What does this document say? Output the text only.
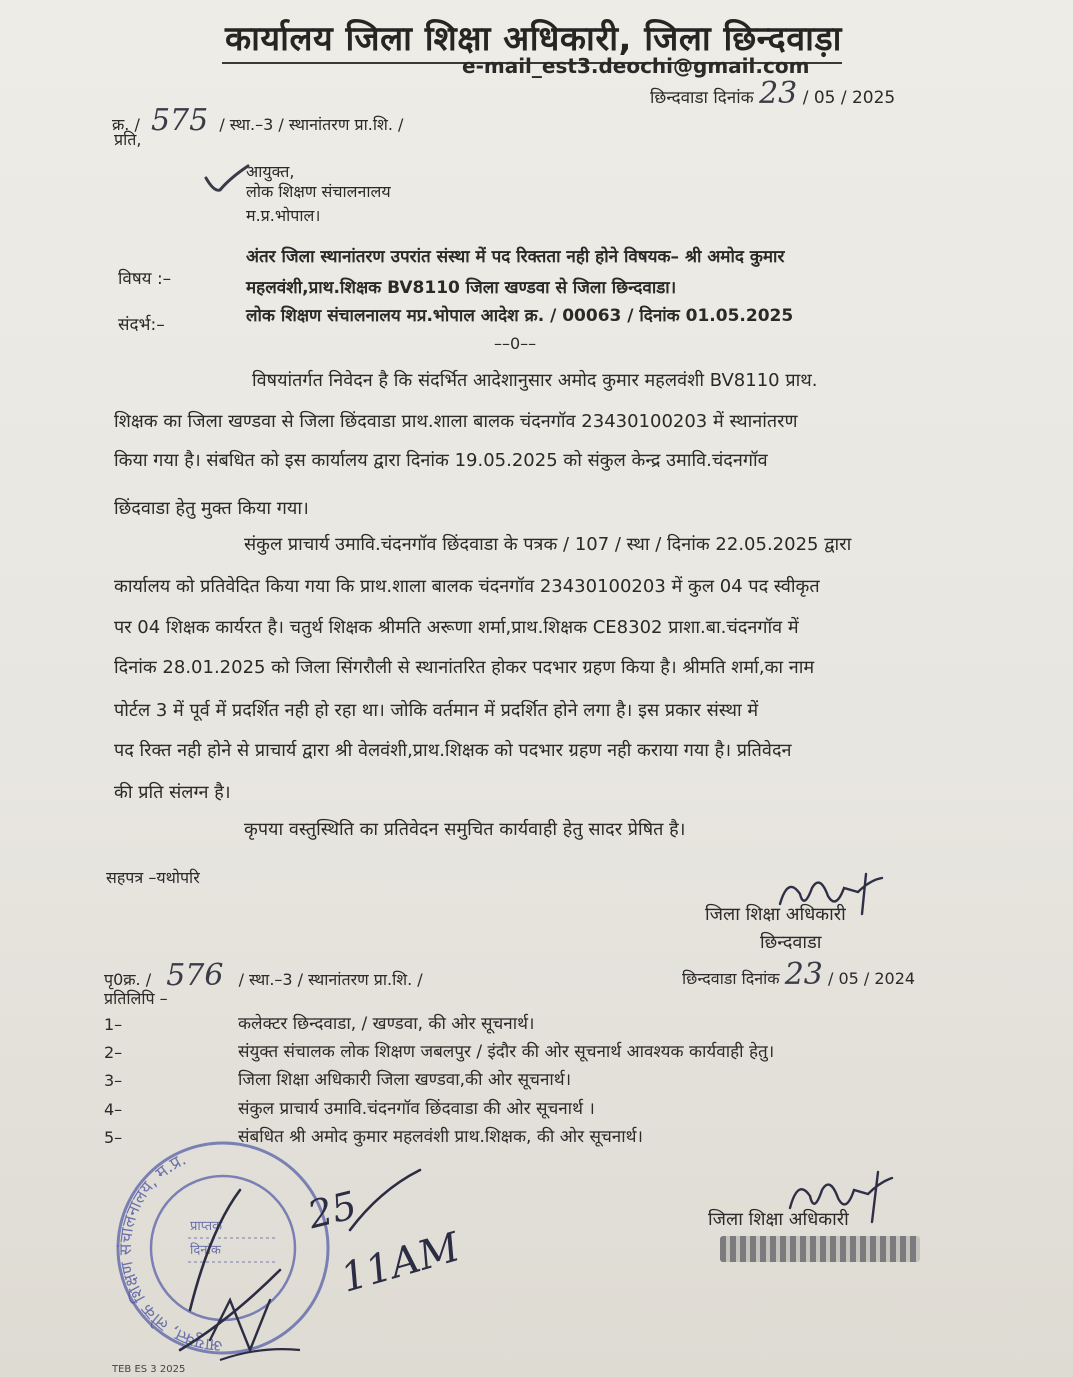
कार्यालय जिला शिक्षा अधिकारी, जिला छिन्दवाड़ा
e-mail_est3.deochi@gmail.com
छिन्दवाडा दिनांक 23 / 05 / 2025
क्र. / 575 / स्था.–3 / स्थानांतरण प्रा.शि. /
प्रति,
आयुक्त,
लोक शिक्षण संचालनालय
म.प्र.भोपाल।
विषय :–
अंतर जिला स्थानांतरण उपरांत संस्था में पद रिक्तता नही होने विषयक– श्री अमोद कुमार
महलवंशी,प्राथ.शिक्षक BV8110 जिला खण्डवा से जिला छिन्दवाडा।
संदर्भ:–	लोक शिक्षण संचालनालय मप्र.भोपाल आदेश क्र. / 00063 / दिनांक 01.05.2025
––0––
विषयांतर्गत निवेदन है कि संदर्भित आदेशानुसार अमोद कुमार महलवंशी BV8110 प्राथ.
शिक्षक का जिला खण्डवा से जिला छिंदवाडा प्राथ.शाला बालक चंदनगॉव 23430100203 में स्थानांतरण
किया गया है। संबधित को इस कार्यालय द्वारा दिनांक 19.05.2025 को संकुल केन्द्र उमावि.चंदनगॉव
छिंदवाडा हेतु मुक्त किया गया।
संकुल प्राचार्य उमावि.चंदनगॉव छिंदवाडा के पत्रक / 107 / स्था / दिनांक 22.05.2025 द्वारा
कार्यालय को प्रतिवेदित किया गया कि प्राथ.शाला बालक चंदनगॉव 23430100203 में कुल 04 पद स्वीकृत
पर 04 शिक्षक कार्यरत है। चतुर्थ शिक्षक श्रीमति अरूणा शर्मा,प्राथ.शिक्षक CE8302 प्राशा.बा.चंदनगॉव में
दिनांक 28.01.2025 को जिला सिंगरौली से स्थानांतरित होकर पदभार ग्रहण किया है। श्रीमति शर्मा,का नाम
पोर्टल 3 में पूर्व में प्रदर्शित नही हो रहा था। जोकि वर्तमान में प्रदर्शित होने लगा है। इस प्रकार संस्था में
पद रिक्त नही होने से प्राचार्य द्वारा श्री वेलवंशी,प्राथ.शिक्षक को पदभार ग्रहण नही कराया गया है। प्रतिवेदन
की प्रति संलग्न है।
कृपया वस्तुस्थिति का प्रतिवेदन समुचित कार्यवाही हेतु सादर प्रेषित है।
सहपत्र –यथोपरि
जिला शिक्षा अधिकारी
छिन्दवाडा
पृ0क्र. / 576 / स्था.–3 / स्थानांतरण प्रा.शि. /	छिन्दवाडा दिनांक 23 / 05 / 2024
प्रतिलिपि –
1–	कलेक्टर छिन्दवाडा, / खण्डवा, की ओर सूचनार्थ।
2–	संयुक्त संचालक लोक शिक्षण जबलपुर / इंदौर की ओर सूचनार्थ आवश्यक कार्यवाही हेतु।
3–	जिला शिक्षा अधिकारी जिला खण्डवा,की ओर सूचनार्थ।
4–	संकुल प्राचार्य उमावि.चंदनगॉव छिंदवाडा की ओर सूचनार्थ ।
5–	संबधित श्री अमोद कुमार महलवंशी प्राथ.शिक्षक, की ओर सूचनार्थ।
आयुक्त, लोक शिक्षण संचालनालय, म.प्र.
प्राप्तक
दिनांक
25
11AM
जिला शिक्षा अधिकारी
TEB ES 3 2025
